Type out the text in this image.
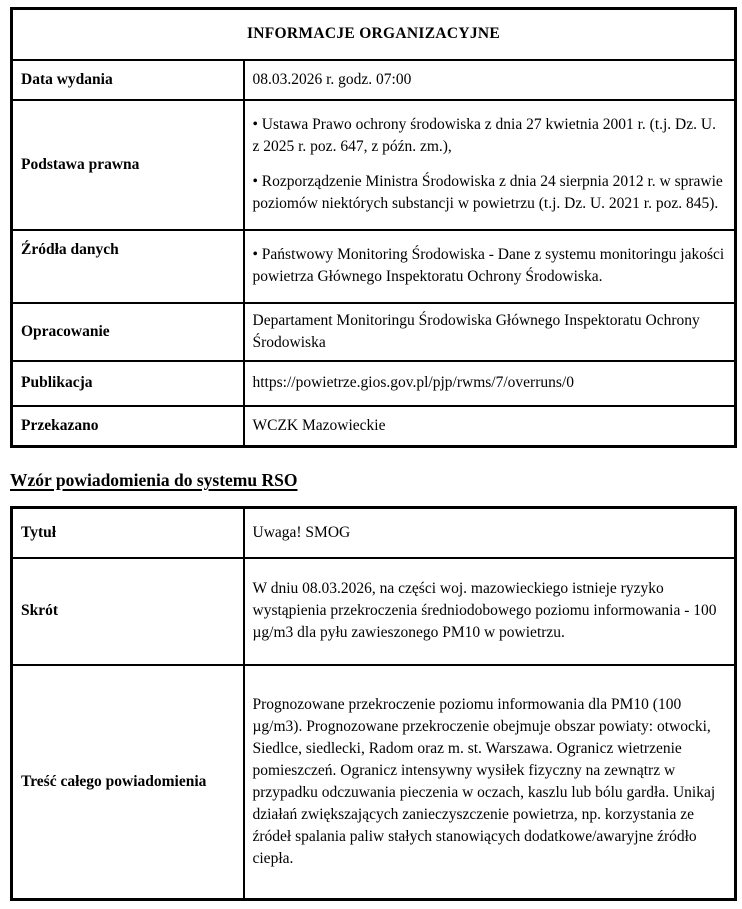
INFORMACJE ORGANIZACYJNE	
Data wydania	08.03.2026 r. godz. 07:00

Podstawa prawna	• Ustawa Prawo ochrony środowiska z dnia 27 kwietnia 2001 r. (t.j. Dz. U. z 2025 r. poz. 647, z późn. zm.),

• Rozporządzenie Ministra Środowiska z dnia 24 sierpnia 2012 r. w sprawie poziomów niektórych substancji w powietrzu (t.j. Dz. U. 2021 r. poz. 845).

Źródła danych	• Państwowy Monitoring Środowiska - Dane z systemu monitoringu jakości powietrza Głównego Inspektoratu Ochrony Środowiska.

Opracowanie	Departament Monitoringu Środowiska Głównego Inspektoratu Ochrony Środowiska

Publikacja	https://powietrze.gios.gov.pl/pjp/rwms/7/overruns/0

Przekazano	WCZK Mazowieckie

Wzór powiadomienia do systemu RSO
Tytuł	Uwaga! SMOG

Skrót	W dniu 08.03.2026, na części woj. mazowieckiego istnieje ryzyko wystąpienia przekroczenia średniodobowego poziomu informowania - 100 µg/m3 dla pyłu zawieszonego PM10 w powietrzu.

Treść całego powiadomienia	Prognozowane przekroczenie poziomu informowania dla PM10 (100 µg/m3). Prognozowane przekroczenie obejmuje obszar powiaty: otwocki, Siedlce, siedlecki, Radom oraz m. st. Warszawa. Ogranicz wietrzenie pomieszczeń. Ogranicz intensywny wysiłek fizyczny na zewnątrz w przypadku odczuwania pieczenia w oczach, kaszlu lub bólu gardła. Unikaj działań zwiększających zanieczyszczenie powietrza, np. korzystania ze źródeł spalania paliw stałych stanowiących dodatkowe/awaryjne źródło ciepła.
